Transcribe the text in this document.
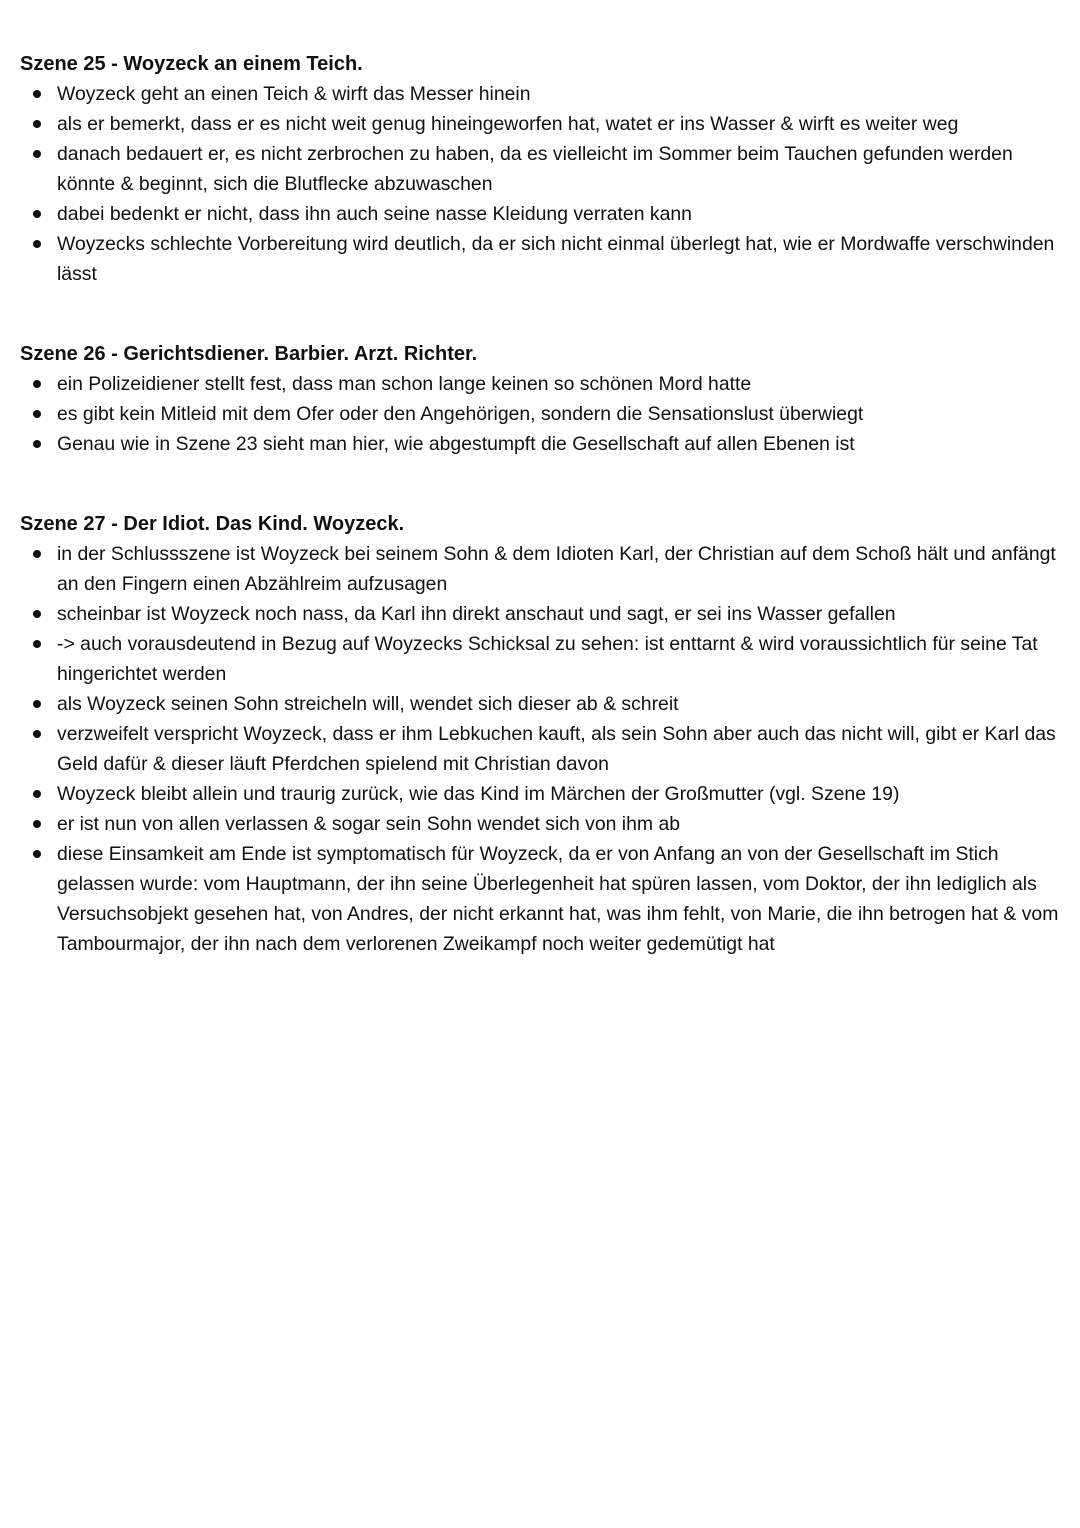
Szene 25 - Woyzeck an einem Teich.
Woyzeck geht an einen Teich & wirft das Messer hinein
als er bemerkt, dass er es nicht weit genug hineingeworfen hat, watet er ins Wasser & wirft es weiter weg
danach bedauert er, es nicht zerbrochen zu haben, da es vielleicht im Sommer beim Tauchen gefunden werden könnte & beginnt, sich die Blutflecke abzuwaschen
dabei bedenkt er nicht, dass ihn auch seine nasse Kleidung verraten kann
Woyzecks schlechte Vorbereitung wird deutlich, da er sich nicht einmal überlegt hat, wie er Mordwaffe verschwinden lässt
Szene 26 - Gerichtsdiener. Barbier. Arzt. Richter.
ein Polizeidiener stellt fest, dass man schon lange keinen so schönen Mord hatte
es gibt kein Mitleid mit dem Ofer oder den Angehörigen, sondern die Sensationslust überwiegt
Genau wie in Szene 23 sieht man hier, wie abgestumpft die Gesellschaft auf allen Ebenen ist
Szene 27 - Der Idiot. Das Kind. Woyzeck.
in der Schlussszene ist Woyzeck bei seinem Sohn & dem Idioten Karl, der Christian auf dem Schoß hält und anfängt an den Fingern einen Abzählreim aufzusagen
scheinbar ist Woyzeck noch nass, da Karl ihn direkt anschaut und sagt, er sei ins Wasser gefallen
-> auch vorausdeutend in Bezug auf Woyzecks Schicksal zu sehen: ist enttarnt & wird voraussichtlich für seine Tat hingerichtet werden
als Woyzeck seinen Sohn streicheln will, wendet sich dieser ab & schreit
verzweifelt verspricht Woyzeck, dass er ihm Lebkuchen kauft, als sein Sohn aber auch das nicht will, gibt er Karl das Geld dafür & dieser läuft Pferdchen spielend mit Christian davon
Woyzeck bleibt allein und traurig zurück, wie das Kind im Märchen der Großmutter (vgl. Szene 19)
er ist nun von allen verlassen & sogar sein Sohn wendet sich von ihm ab
diese Einsamkeit am Ende ist symptomatisch für Woyzeck, da er von Anfang an von der Gesellschaft im Stich gelassen wurde: vom Hauptmann, der ihn seine Überlegenheit hat spüren lassen, vom Doktor, der ihn lediglich als Versuchsobjekt gesehen hat, von Andres, der nicht erkannt hat, was ihm fehlt, von Marie, die ihn betrogen hat & vom Tambourmajor, der ihn nach dem verlorenen Zweikampf noch weiter gedemütigt hat
